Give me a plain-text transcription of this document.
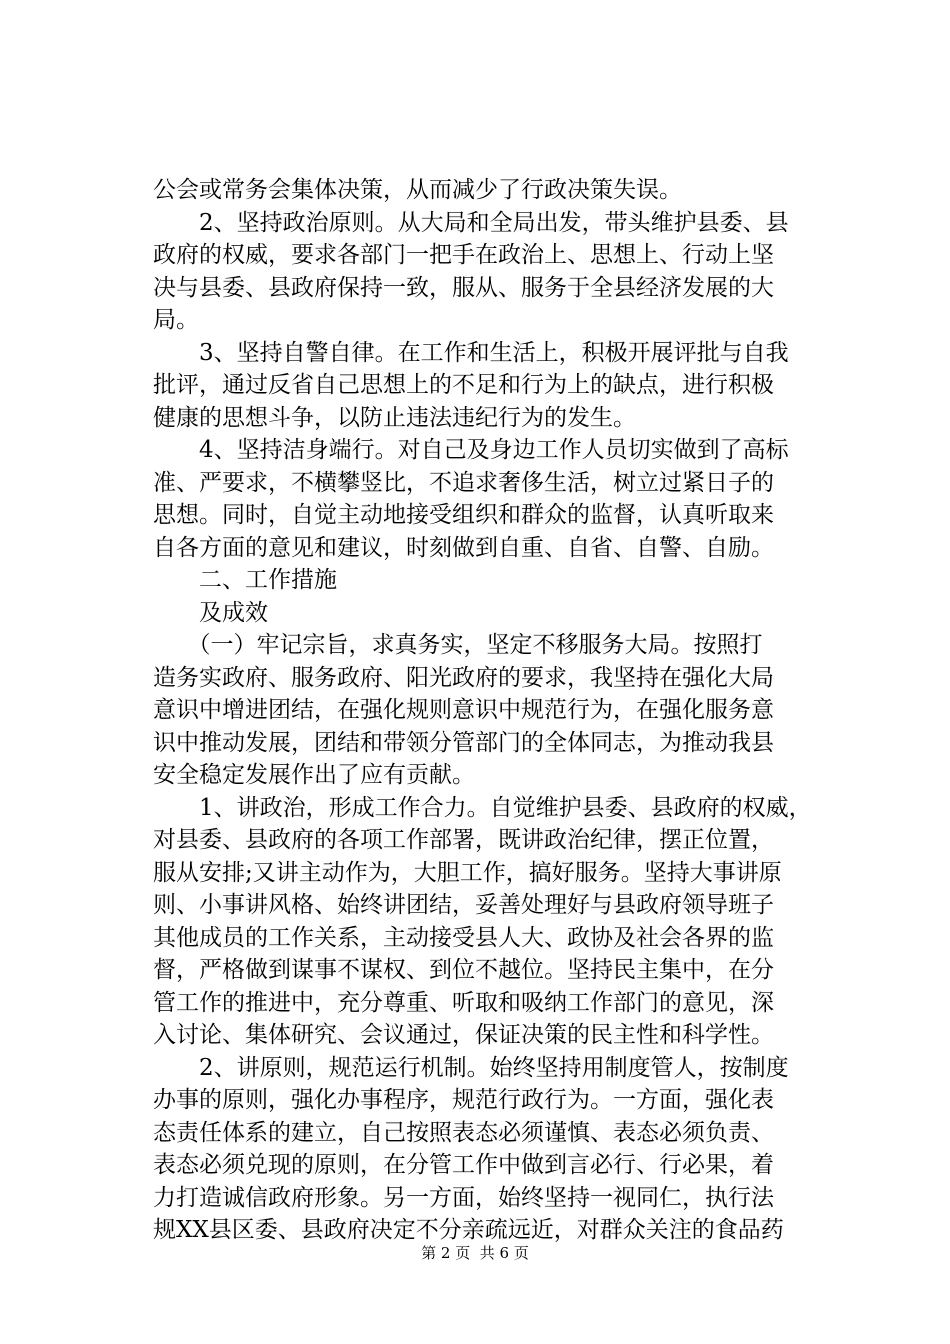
公会或常务会集体决策，从而减少了行政决策失误。
　　2、坚持政治原则。从大局和全局出发，带头维护县委、县
政府的权威，要求各部门一把手在政治上、思想上、行动上坚
决与县委、县政府保持一致，服从、服务于全县经济发展的大
局。
　　3、坚持自警自律。在工作和生活上，积极开展评批与自我
批评，通过反省自己思想上的不足和行为上的缺点，进行积极
健康的思想斗争，以防止违法违纪行为的发生。
　　4、坚持洁身端行。对自己及身边工作人员切实做到了高标
准、严要求，不横攀竖比，不追求奢侈生活，树立过紧日子的
思想。同时，自觉主动地接受组织和群众的监督，认真听取来
自各方面的意见和建议，时刻做到自重、自省、自警、自励。
　　二、工作措施
　　及成效
　　（一）牢记宗旨，求真务实，坚定不移服务大局。按照打
造务实政府、服务政府、阳光政府的要求，我坚持在强化大局
意识中增进团结，在强化规则意识中规范行为，在强化服务意
识中推动发展，团结和带领分管部门的全体同志，为推动我县
安全稳定发展作出了应有贡献。
　　1、讲政治，形成工作合力。自觉维护县委、县政府的权威，
对县委、县政府的各项工作部署，既讲政治纪律，摆正位置，
服从安排;又讲主动作为，大胆工作，搞好服务。坚持大事讲原
则、小事讲风格、始终讲团结，妥善处理好与县政府领导班子
其他成员的工作关系，主动接受县人大、政协及社会各界的监
督，严格做到谋事不谋权、到位不越位。坚持民主集中，在分
管工作的推进中，充分尊重、听取和吸纳工作部门的意见，深
入讨论、集体研究、会议通过，保证决策的民主性和科学性。
　　2、讲原则，规范运行机制。始终坚持用制度管人，按制度
办事的原则，强化办事程序，规范行政行为。一方面，强化表
态责任体系的建立，自己按照表态必须谨慎、表态必须负责、
表态必须兑现的原则，在分管工作中做到言必行、行必果，着
力打造诚信政府形象。另一方面，始终坚持一视同仁，执行法
规XX县区委、县政府决定不分亲疏远近，对群众关注的食品药
第 2 页  共 6 页
